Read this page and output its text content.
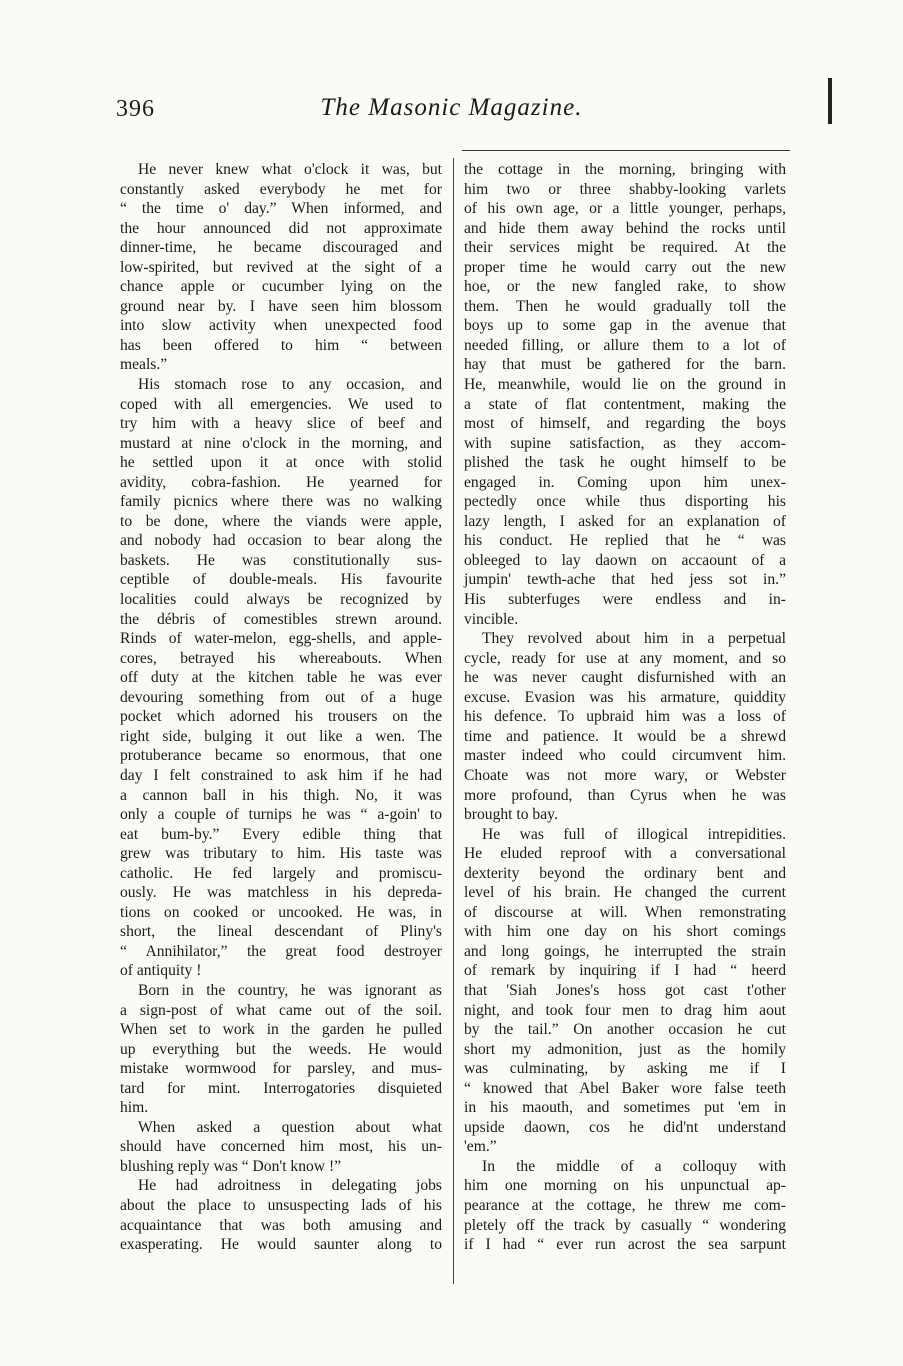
396	The Masonic Magazine.

He never knew what o'clock it was, but
constantly asked everybody he met for
“ the time o' day.” When informed, and
the hour announced did not approximate
dinner-time, he became discouraged and
low-spirited, but revived at the sight of a
chance apple or cucumber lying on the
ground near by. I have seen him blossom
into slow activity when unexpected food
has been offered to him “ between
meals.”

His stomach rose to any occasion, and
coped with all emergencies. We used to
try him with a heavy slice of beef and
mustard at nine o'clock in the morning, and
he settled upon it at once with stolid
avidity, cobra-fashion. He yearned for
family picnics where there was no walking
to be done, where the viands were apple,
and nobody had occasion to bear along the
baskets. He was constitutionally sus-
ceptible of double-meals. His favourite
localities could always be recognized by
the débris of comestibles strewn around.
Rinds of water-melon, egg-shells, and apple-
cores, betrayed his whereabouts. When
off duty at the kitchen table he was ever
devouring something from out of a huge
pocket which adorned his trousers on the
right side, bulging it out like a wen. The
protuberance became so enormous, that one
day I felt constrained to ask him if he had
a cannon ball in his thigh. No, it was
only a couple of turnips he was “ a-goin' to
eat bum-by.” Every edible thing that
grew was tributary to him. His taste was
catholic. He fed largely and promiscu-
ously. He was matchless in his depreda-
tions on cooked or uncooked. He was, in
short, the lineal descendant of Pliny's
“ Annihilator,” the great food destroyer
of antiquity !

Born in the country, he was ignorant as
a sign-post of what came out of the soil.
When set to work in the garden he pulled
up everything but the weeds. He would
mistake wormwood for parsley, and mus-
tard for mint. Interrogatories disquieted
him.

When asked a question about what
should have concerned him most, his un-
blushing reply was “ Don't know !”

He had adroitness in delegating jobs
about the place to unsuspecting lads of his
acquaintance that was both amusing and
exasperating. He would saunter along to

the cottage in the morning, bringing with
him two or three shabby-looking varlets
of his own age, or a little younger, perhaps,
and hide them away behind the rocks until
their services might be required. At the
proper time he would carry out the new
hoe, or the new fangled rake, to show
them. Then he would gradually toll the
boys up to some gap in the avenue that
needed filling, or allure them to a lot of
hay that must be gathered for the barn.
He, meanwhile, would lie on the ground in
a state of flat contentment, making the
most of himself, and regarding the boys
with supine satisfaction, as they accom-
plished the task he ought himself to be
engaged in. Coming upon him unex-
pectedly once while thus disporting his
lazy length, I asked for an explanation of
his conduct. He replied that he “ was
obleeged to lay daown on accaount of a
jumpin' tewth-ache that hed jess sot in.”
His subterfuges were endless and in-
vincible.

They revolved about him in a perpetual
cycle, ready for use at any moment, and so
he was never caught disfurnished with an
excuse. Evasion was his armature, quiddity
his defence. To upbraid him was a loss of
time and patience. It would be a shrewd
master indeed who could circumvent him.
Choate was not more wary, or Webster
more profound, than Cyrus when he was
brought to bay.

He was full of illogical intrepidities.
He eluded reproof with a conversational
dexterity beyond the ordinary bent and
level of his brain. He changed the current
of discourse at will. When remonstrating
with him one day on his short comings
and long goings, he interrupted the strain
of remark by inquiring if I had “ heerd
that 'Siah Jones's hoss got cast t'other
night, and took four men to drag him aout
by the tail.” On another occasion he cut
short my admonition, just as the homily
was culminating, by asking me if I
“ knowed that Abel Baker wore false teeth
in his maouth, and sometimes put 'em in
upside daown, cos he did'nt understand
'em.”

In the middle of a colloquy with
him one morning on his unpunctual ap-
pearance at the cottage, he threw me com-
pletely off the track by casually “ wondering
if I had “ ever run acrost the sea sarpunt
